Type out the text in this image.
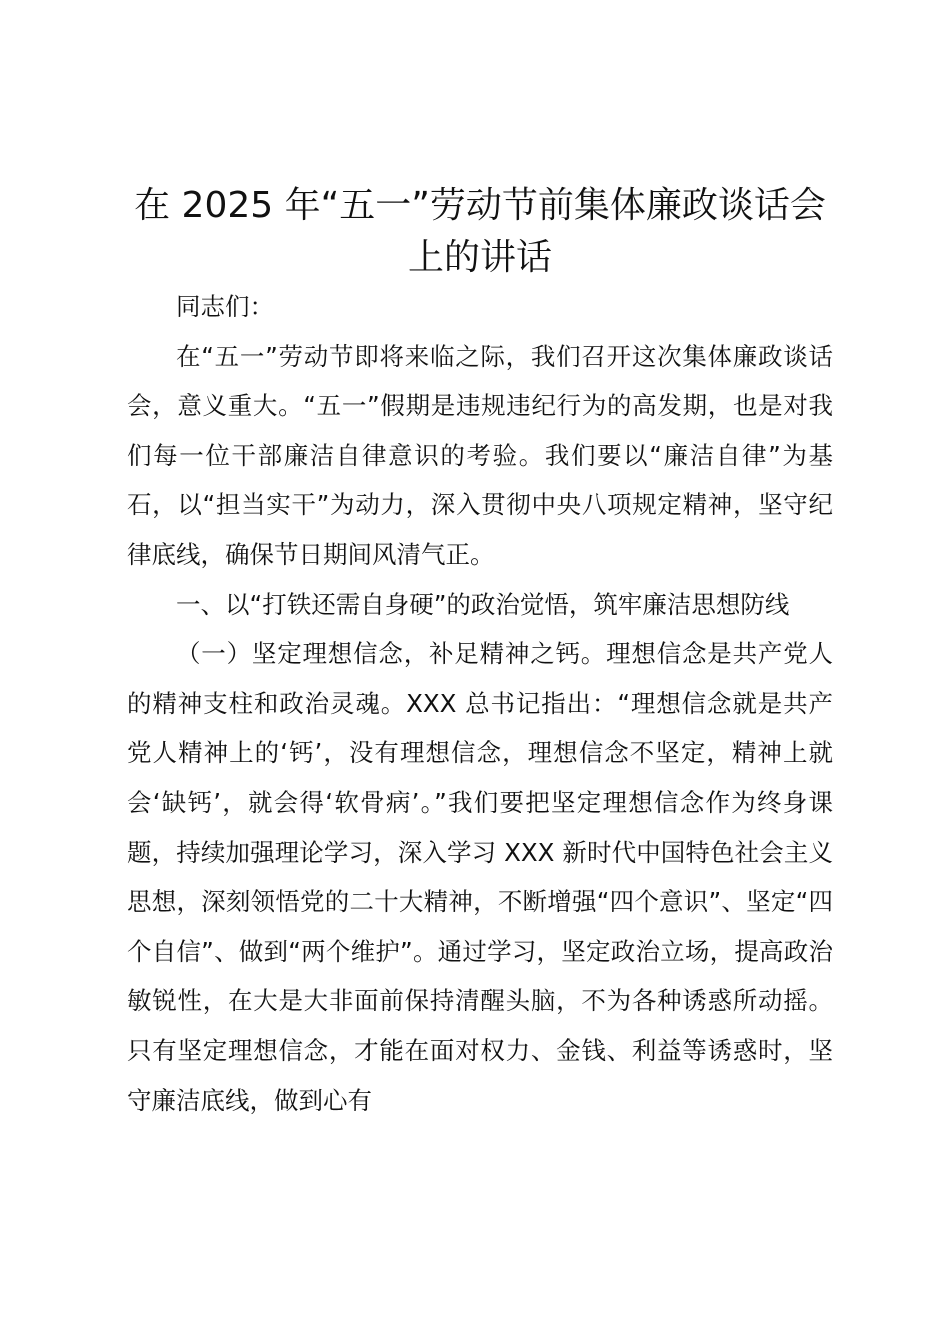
在 2025 年“五一”劳动节前集体廉政谈话会上的讲话

同志们：

在“五一”劳动节即将来临之际，我们召开这次集体廉政谈话会，意义重大。“五一”假期是违规违纪行为的高发期，也是对我们每一位干部廉洁自律意识的考验。我们要以“廉洁自律”为基石，以“担当实干”为动力，深入贯彻中央八项规定精神，坚守纪律底线，确保节日期间风清气正。

一、以“打铁还需自身硬”的政治觉悟，筑牢廉洁思想防线

（一）坚定理想信念，补足精神之钙。理想信念是共产党人的精神支柱和政治灵魂。XXX 总书记指出：“理想信念就是共产党人精神上的‘钙’，没有理想信念，理想信念不坚定，精神上就会‘缺钙’，就会得‘软骨病’。”我们要把坚定理想信念作为终身课题，持续加强理论学习，深入学习 XXX 新时代中国特色社会主义思想，深刻领悟党的二十大精神，不断增强“四个意识”、坚定“四个自信”、做到“两个维护”。通过学习，坚定政治立场，提高政治敏锐性，在大是大非面前保持清醒头脑，不为各种诱惑所动摇。只有坚定理想信念，才能在面对权力、金钱、利益等诱惑时，坚守廉洁底线，做到心有
